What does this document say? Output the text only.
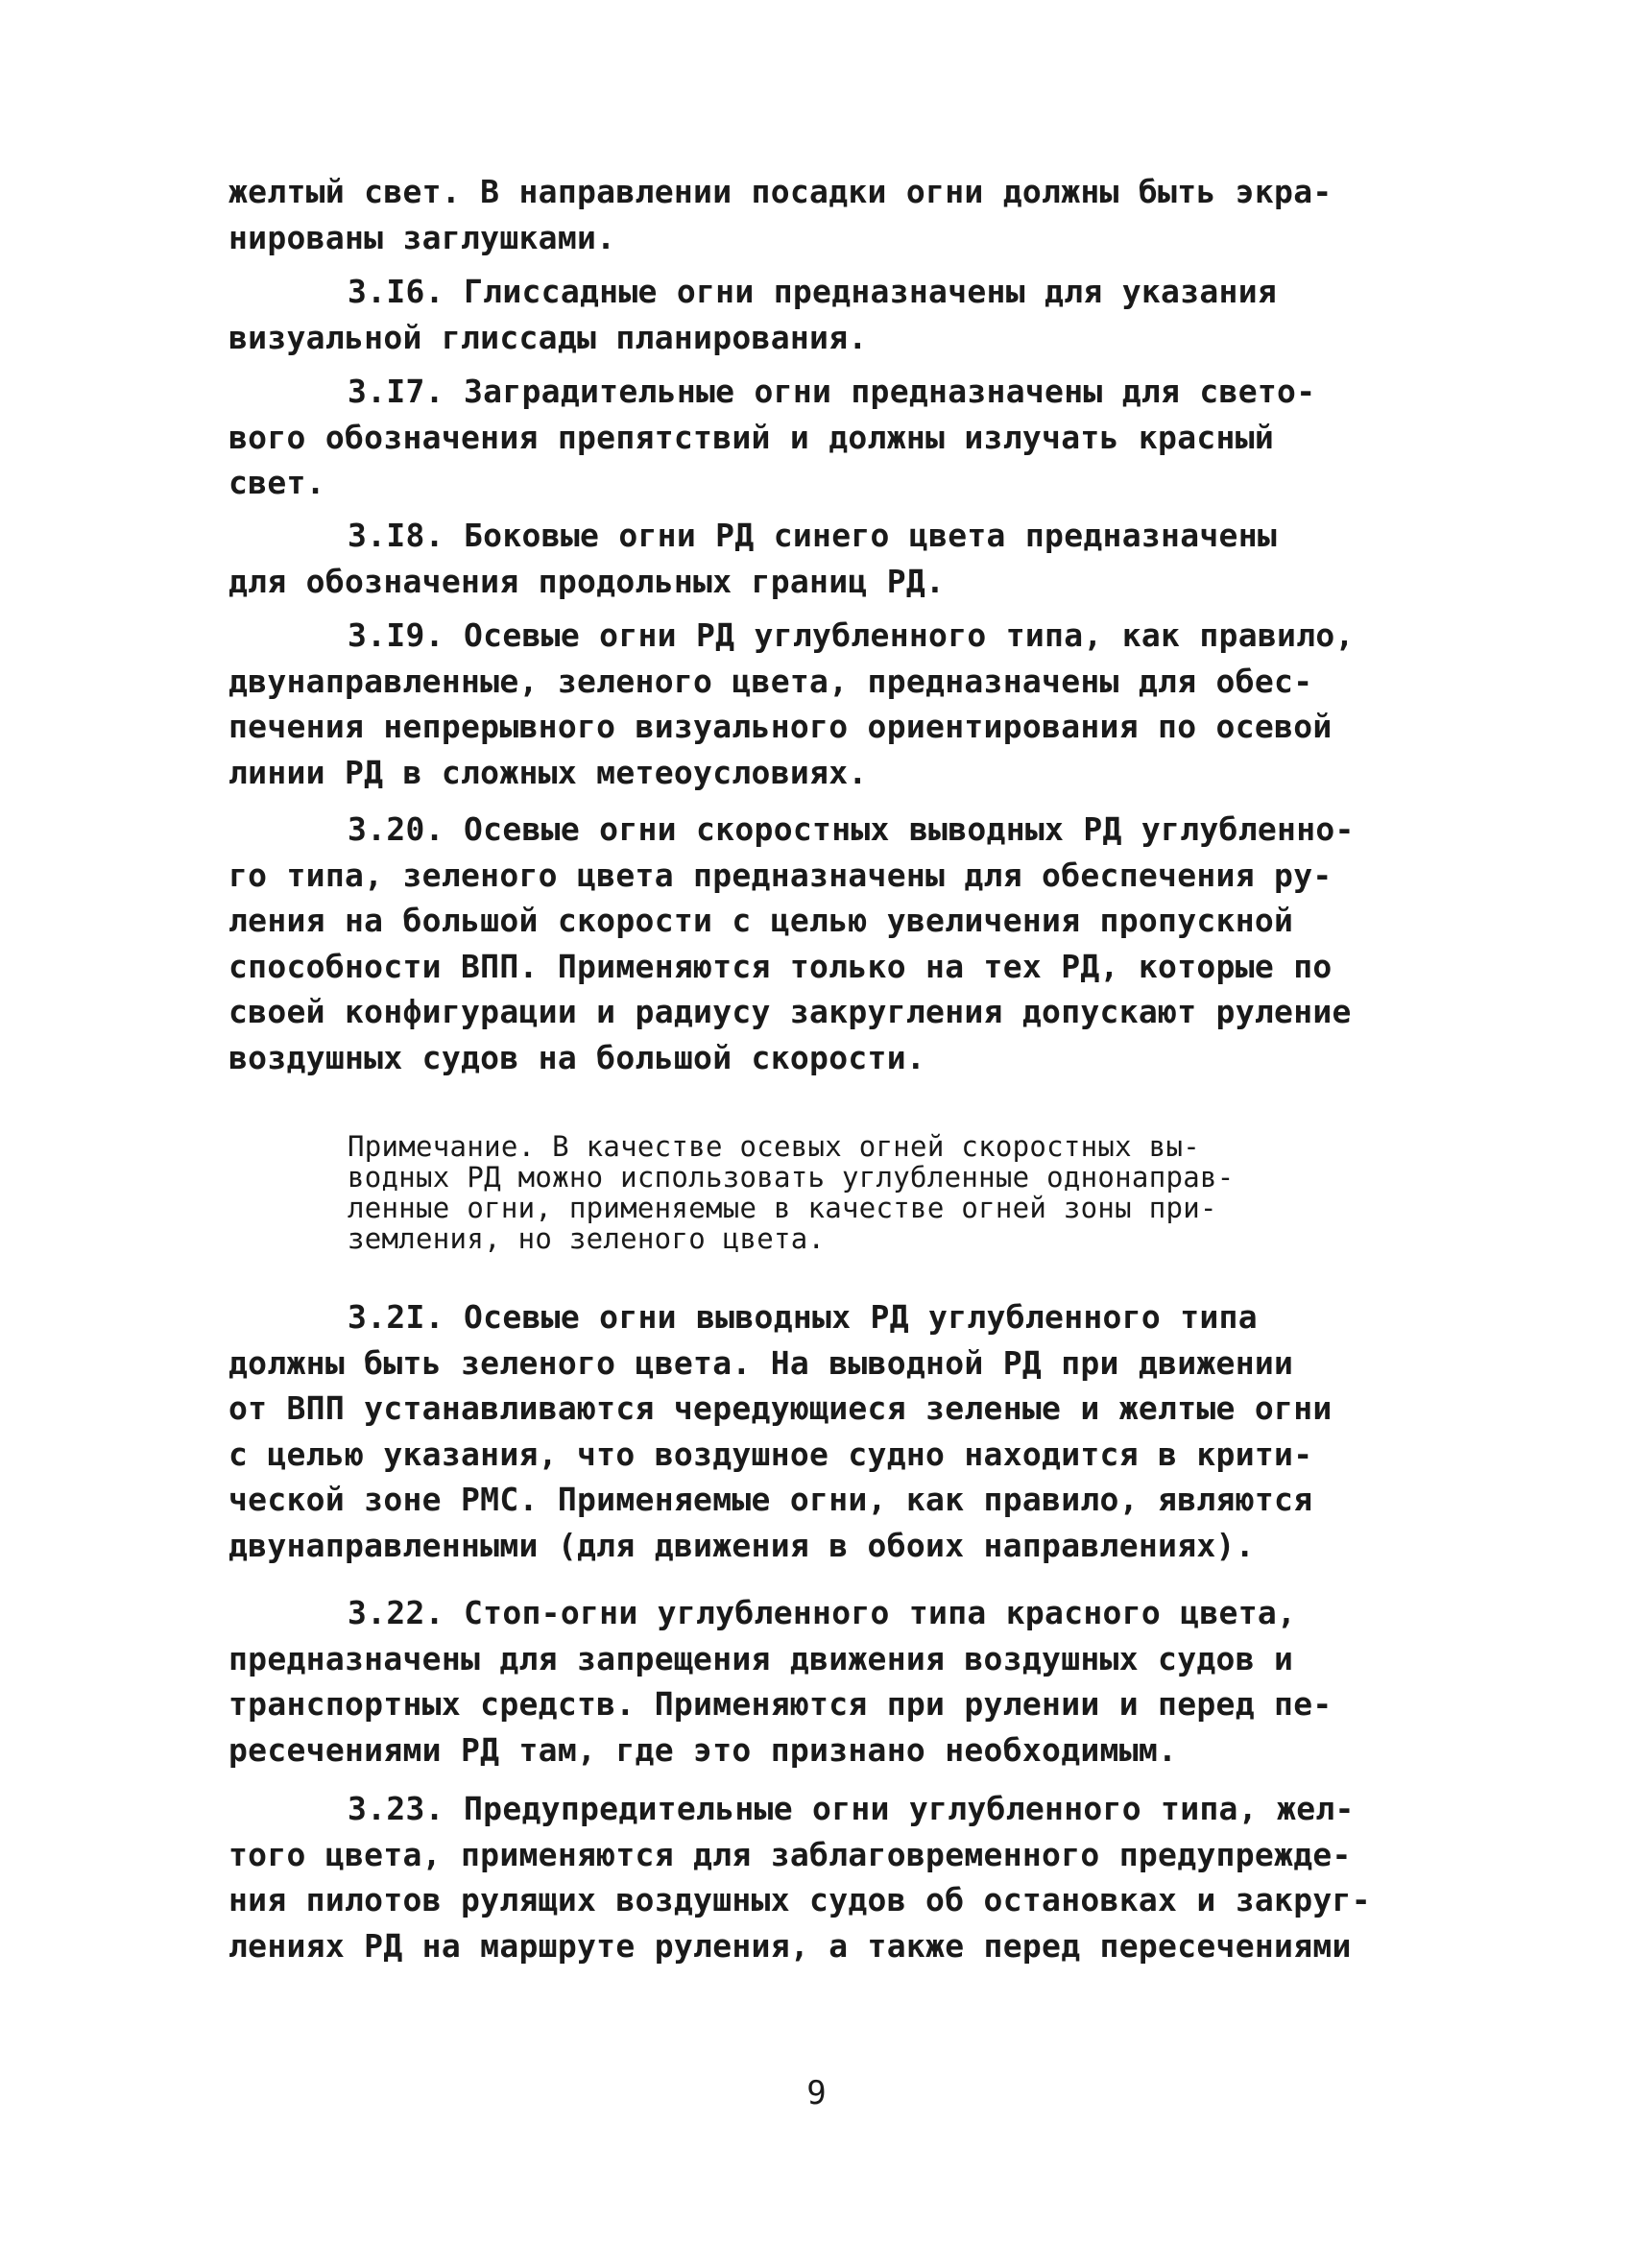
желтый свет. В направлении посадки огни должны быть экра-
нированы заглушками.
3.I6. Глиссадные огни предназначены для указания
визуальной глиссады планирования.
3.I7. Заградительные огни предназначены для свето-
вого обозначения препятствий и должны излучать красный
свет.
3.I8. Боковые огни РД синего цвета предназначены
для обозначения продольных границ РД.
3.I9. Осевые огни РД углубленного типа, как правило,
двунаправленные, зеленого цвета, предназначены для обес-
печения непрерывного визуального ориентирования по осевой
линии РД в сложных метеоусловиях.
3.20. Осевые огни скоростных выводных РД углубленно-
го типа, зеленого цвета предназначены для обеспечения ру-
ления на большой скорости с целью увеличения пропускной
способности ВПП. Применяются только на тех РД, которые по
своей конфигурации и радиусу закругления допускают руление
воздушных судов на большой скорости.
Примечание. В качестве осевых огней скоростных вы-
водных РД можно использовать углубленные однонаправ-
ленные огни, применяемые в качестве огней зоны при-
земления, но зеленого цвета.
3.2I. Осевые огни выводных РД углубленного типа
должны быть зеленого цвета. На выводной РД при движении
от ВПП устанавливаются чередующиеся зеленые и желтые огни
с целью указания, что воздушное судно находится в крити-
ческой зоне РМС. Применяемые огни, как правило, являются
двунаправленными (для движения в обоих направлениях).
3.22. Стоп-огни углубленного типа красного цвета,
предназначены для запрещения движения воздушных судов и
транспортных средств. Применяются при рулении и перед пе-
ресечениями РД там, где это признано необходимым.
3.23. Предупредительные огни углубленного типа, жел-
того цвета, применяются для заблаговременного предупрежде-
ния пилотов рулящих воздушных судов об остановках и закруг-
лениях РД на маршруте руления, а также перед пересечениями
9
